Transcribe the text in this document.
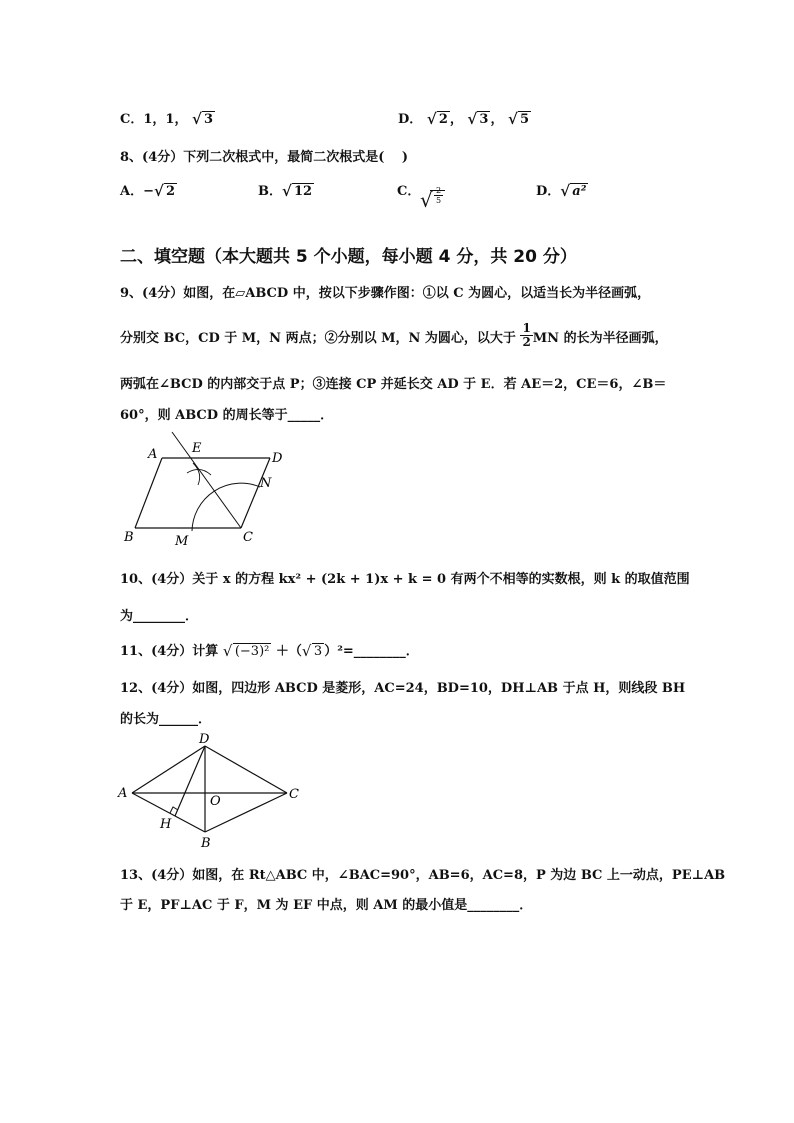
C．1，1， √ 3	D． √ 2 ， √ 3 ， √ 5
8、(4分）下列二次根式中，最简二次根式是(　 )
A．− √ 2	B． √ 12	C． √ $\frac{2}{5}$	D． √ a²
二、填空题（本大题共 5 个小题，每小题 4 分，共 20 分）
9、(4分）如图，在▱ABCD 中，按以下步骤作图：①以 C 为圆心，以适当长为半径画弧，
分别交 BC，CD 于 M，N 两点；②分别以 M，N 为圆心，以大于 $\frac{1}{2}$ MN 的长为半径画弧，
两弧在∠BCD 的内部交于点 P；③连接 CP 并延长交 AD 于 E．若 AE＝2，CE＝6，∠B＝
60°，则 ABCD 的周长等于_____．
A	E
D
N
B	M	C
10、(4分）关于 x 的方程 kx² + (2k + 1)x + k = 0 有两个不相等的实数根，则 k 的取值范围
为________．
11、(4分）计算 √ (−3)² ＋（ √ 3 ）²=________．
12、(4分）如图，四边形 ABCD 是菱形，AC=24，BD=10，DH⊥AB 于点 H，则线段 BH
的长为______．
D
A
O	C
H
B
13、(4分）如图，在 Rt△ABC 中，∠BAC=90°，AB=6，AC=8，P 为边 BC 上一动点，PE⊥AB
于 E，PF⊥AC 于 F，M 为 EF 中点，则 AM 的最小值是________．
